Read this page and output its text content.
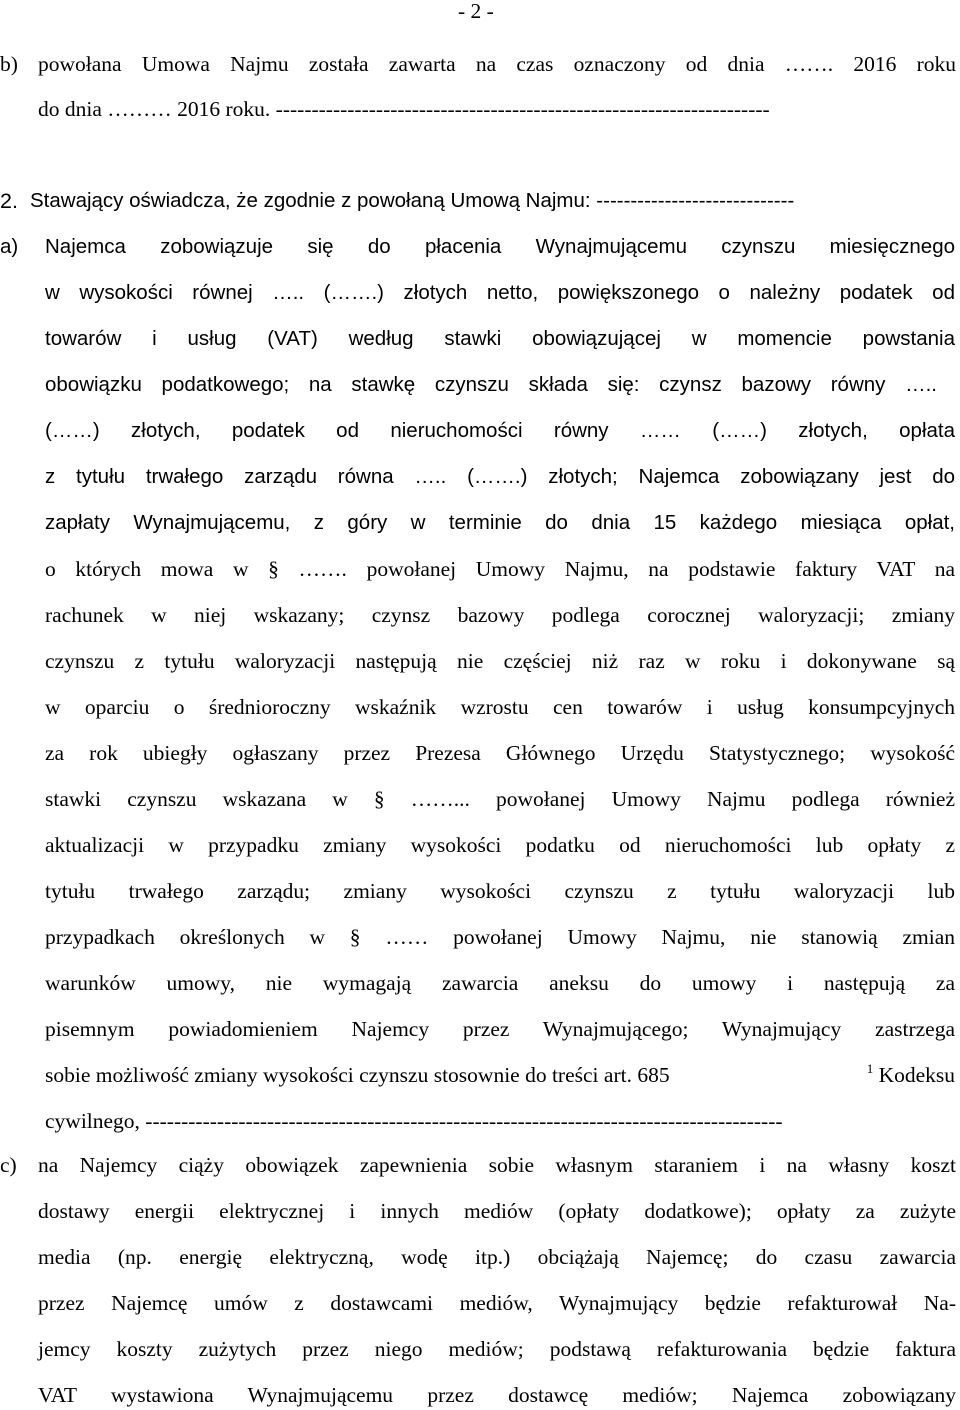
- 2 -
b) powołana Umowa Najmu została zawarta na czas oznaczony od dnia ……. 2016 roku
do dnia ……… 2016 roku. ---------------------------------------------------------------------
2. Stawający oświadcza, że zgodnie z powołaną Umową Najmu: -----------------------------
a) Najemca zobowiązuje się do płacenia Wynajmującemu czynszu miesięcznego
w wysokości równej ….. (…….) złotych netto, powiększonego o należny podatek od
towarów i usług (VAT) według stawki obowiązującej w momencie powstania
obowiązku podatkowego; na stawkę czynszu składa się: czynsz bazowy równy …..
(……) złotych, podatek od nieruchomości równy …… (……) złotych, opłata
z tytułu trwałego zarządu równa ….. (…….) złotych; Najemca zobowiązany jest do
zapłaty Wynajmującemu, z góry w terminie do dnia 15 każdego miesiąca opłat,
o których mowa w § ……. powołanej Umowy Najmu, na podstawie faktury VAT na
rachunek w niej wskazany; czynsz bazowy podlega corocznej waloryzacji; zmiany
czynszu z tytułu waloryzacji następują nie częściej niż raz w roku i dokonywane są
w oparciu o średnioroczny wskaźnik wzrostu cen towarów i usług konsumpcyjnych
za rok ubiegły ogłaszany przez Prezesa Głównego Urzędu Statystycznego; wysokość
stawki czynszu wskazana w § ……... powołanej Umowy Najmu podlega również
aktualizacji w przypadku zmiany wysokości podatku od nieruchomości lub opłaty z
tytułu trwałego zarządu; zmiany wysokości czynszu z tytułu waloryzacji lub
przypadkach określonych w § …… powołanej Umowy Najmu, nie stanowią zmian
warunków umowy, nie wymagają zawarcia aneksu do umowy i następują za
pisemnym powiadomieniem Najemcy przez Wynajmującego; Wynajmujący zastrzega
sobie możliwość zmiany wysokości czynszu stosownie do treści art. 685	$^1$ Kodeksu
cywilnego, -----------------------------------------------------------------------------------------
c) na Najemcy ciąży obowiązek zapewnienia sobie własnym staraniem i na własny koszt
dostawy energii elektrycznej i innych mediów (opłaty dodatkowe); opłaty za zużyte
media (np. energię elektryczną, wodę itp.) obciążają Najemcę; do czasu zawarcia
przez Najemcę umów z dostawcami mediów, Wynajmujący będzie refakturował Na-
jemcy koszty zużytych przez niego mediów; podstawą refakturowania będzie faktura
VAT wystawiona Wynajmującemu przez dostawcę mediów; Najemca zobowiązany
